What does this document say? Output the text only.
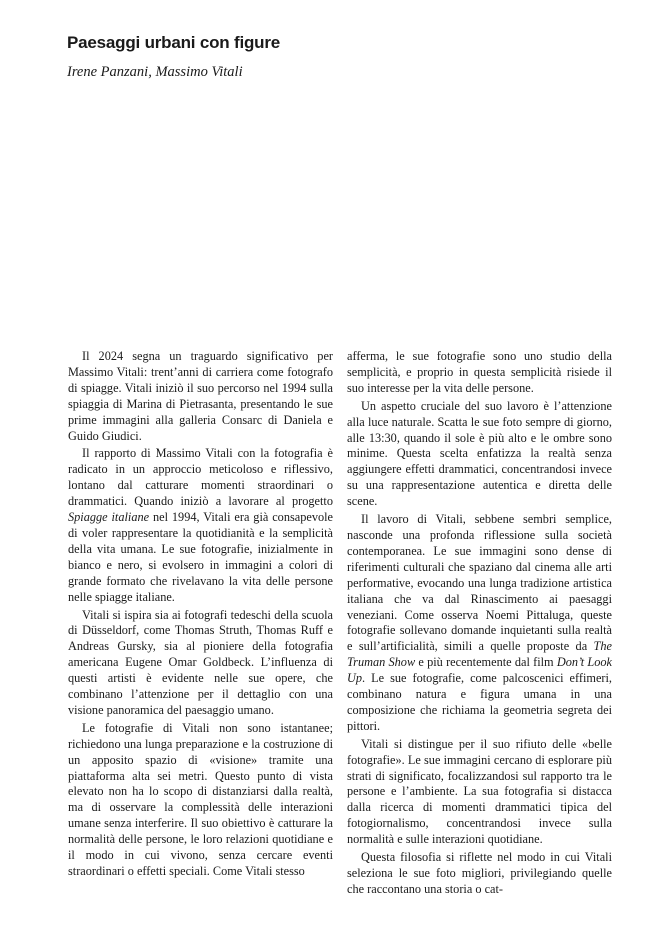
Paesaggi urbani con figure

Irene Panzani, Massimo Vitali

Il 2024 segna un traguardo significativo per Massimo Vitali: trent’anni di carriera come fotografo di spiagge. Vitali iniziò il suo percorso nel 1994 sulla spiaggia di Marina di Pietrasanta, presentando le sue prime immagini alla galleria Consarc di Daniela e Guido Giudici.

Il rapporto di Massimo Vitali con la fotografia è radicato in un approccio meticoloso e riflessivo, lontano dal catturare momenti straordinari o drammatici. Quando iniziò a lavorare al progetto Spiagge italiane nel 1994, Vitali era già consapevole di voler rappresentare la quotidianità e la semplicità della vita umana. Le sue fotografie, inizialmente in bianco e nero, si evolsero in immagini a colori di grande formato che rivelavano la vita delle persone nelle spiagge italiane.

Vitali si ispira sia ai fotografi tedeschi della scuola di Düsseldorf, come Thomas Struth, Thomas Ruff e Andreas Gursky, sia al pioniere della fotografia americana Eugene Omar Goldbeck. L’influenza di questi artisti è evidente nelle sue opere, che combinano l’attenzione per il dettaglio con una visione panoramica del paesaggio umano.

Le fotografie di Vitali non sono istantanee; richiedono una lunga preparazione e la costruzione di un apposito spazio di «visione» tramite una piattaforma alta sei metri. Questo punto di vista elevato non ha lo scopo di distanziarsi dalla realtà, ma di osservare la complessità delle interazioni umane senza interferire. Il suo obiettivo è catturare la normalità delle persone, le loro relazioni quotidiane e il modo in cui vivono, senza cercare eventi straordinari o effetti speciali. Come Vitali stesso

afferma, le sue fotografie sono uno studio della semplicità, e proprio in questa semplicità risiede il suo interesse per la vita delle persone.

Un aspetto cruciale del suo lavoro è l’attenzione alla luce naturale. Scatta le sue foto sempre di giorno, alle 13:30, quando il sole è più alto e le ombre sono minime. Questa scelta enfatizza la realtà senza aggiungere effetti drammatici, concentrandosi invece su una rappresentazione autentica e diretta delle scene.

Il lavoro di Vitali, sebbene sembri semplice, nasconde una profonda riflessione sulla società contemporanea. Le sue immagini sono dense di riferimenti culturali che spaziano dal cinema alle arti performative, evocando una lunga tradizione artistica italiana che va dal Rinascimento ai paesaggi veneziani. Come osserva Noemi Pittaluga, queste fotografie sollevano domande inquietanti sulla realtà e sull’artificialità, simili a quelle proposte da The Truman Show e più recentemente dal film Don’t Look Up. Le sue fotografie, come palcoscenici effimeri, combinano natura e figura umana in una composizione che richiama la geometria segreta dei pittori.

Vitali si distingue per il suo rifiuto delle «belle fotografie». Le sue immagini cercano di esplorare più strati di significato, focalizzandosi sul rapporto tra le persone e l’ambiente. La sua fotografia si distacca dalla ricerca di momenti drammatici tipica del fotogiornalismo, concentrandosi invece sulla normalità e sulle interazioni quotidiane.

Questa filosofia si riflette nel modo in cui Vitali seleziona le sue foto migliori, privilegiando quelle che raccontano una storia o cat-
